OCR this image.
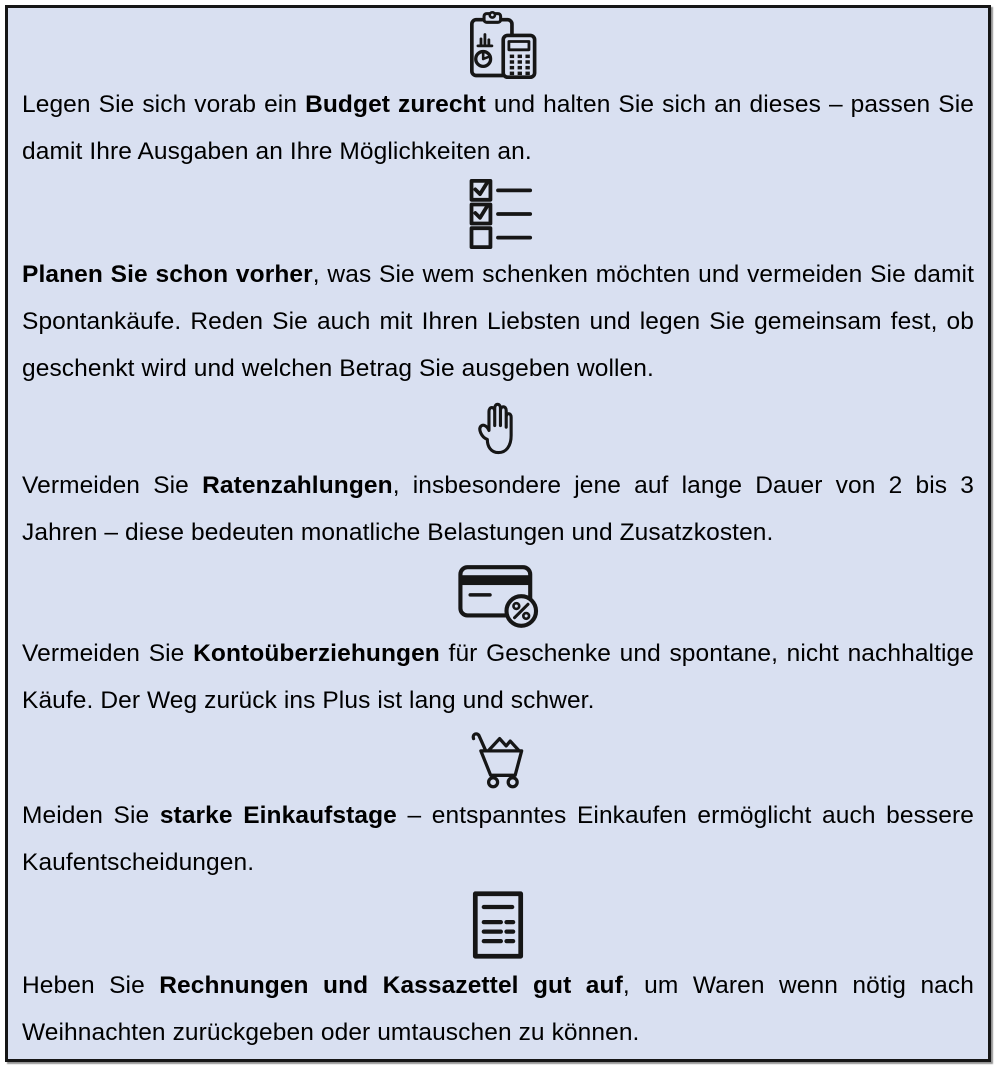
Legen Sie sich vorab ein Budget zurecht und halten Sie sich an dieses – passen Sie damit Ihre Ausgaben an Ihre Möglichkeiten an.

Planen Sie schon vorher, was Sie wem schenken möchten und vermeiden Sie damit Spontankäufe. Reden Sie auch mit Ihren Liebsten und legen Sie gemeinsam fest, ob geschenkt wird und welchen Betrag Sie ausgeben wollen.

Vermeiden Sie Ratenzahlungen, insbesondere jene auf lange Dauer von 2 bis 3 Jahren – diese bedeuten monatliche Belastungen und Zusatzkosten.

Vermeiden Sie Kontoüberziehungen für Geschenke und spontane, nicht nachhaltige Käufe. Der Weg zurück ins Plus ist lang und schwer.

Meiden Sie starke Einkaufstage – entspanntes Einkaufen ermöglicht auch bessere Kaufentscheidungen.

Heben Sie Rechnungen und Kassazettel gut auf, um Waren wenn nötig nach Weihnachten zurückgeben oder umtauschen zu können.
